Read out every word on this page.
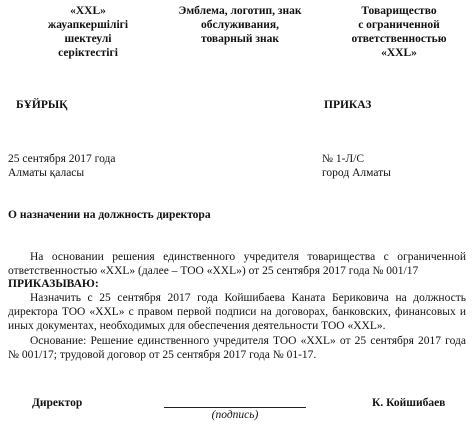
«XXL»
жауапкершілігі
шектеулі
серіктестігі
Эмблема, логотип, знак
обслуживания,
товарный знак
Товарищество
с ограниченной
ответственностью
«XXL»
БҰЙРЫҚ	ПРИКАЗ
25 сентября 2017 года
Алматы қаласы
№ 1-Л/С
город Алматы
О назначении на должность директора
На основании решения единственного учредителя товарищества с ограниченной ответственностью «XXL» (далее – ТОО «XXL») от 25 сентября 2017 года № 001/17
ПРИКАЗЫВАЮ:
Назначить с 25 сентября 2017 года Койшибаева Каната Бериковича на должность директора ТОО «XXL» с правом первой подписи на договорах, банковских, финансовых и иных документах, необходимых для обеспечения деятельности ТОО «XXL».
Основание: Решение единственного учредителя ТОО «XXL» от 25 сентября 2017 года № 001/17; трудовой договор от 25 сентября 2017 года № 01-17.
Директор
(подпись)
К. Койшибаев
